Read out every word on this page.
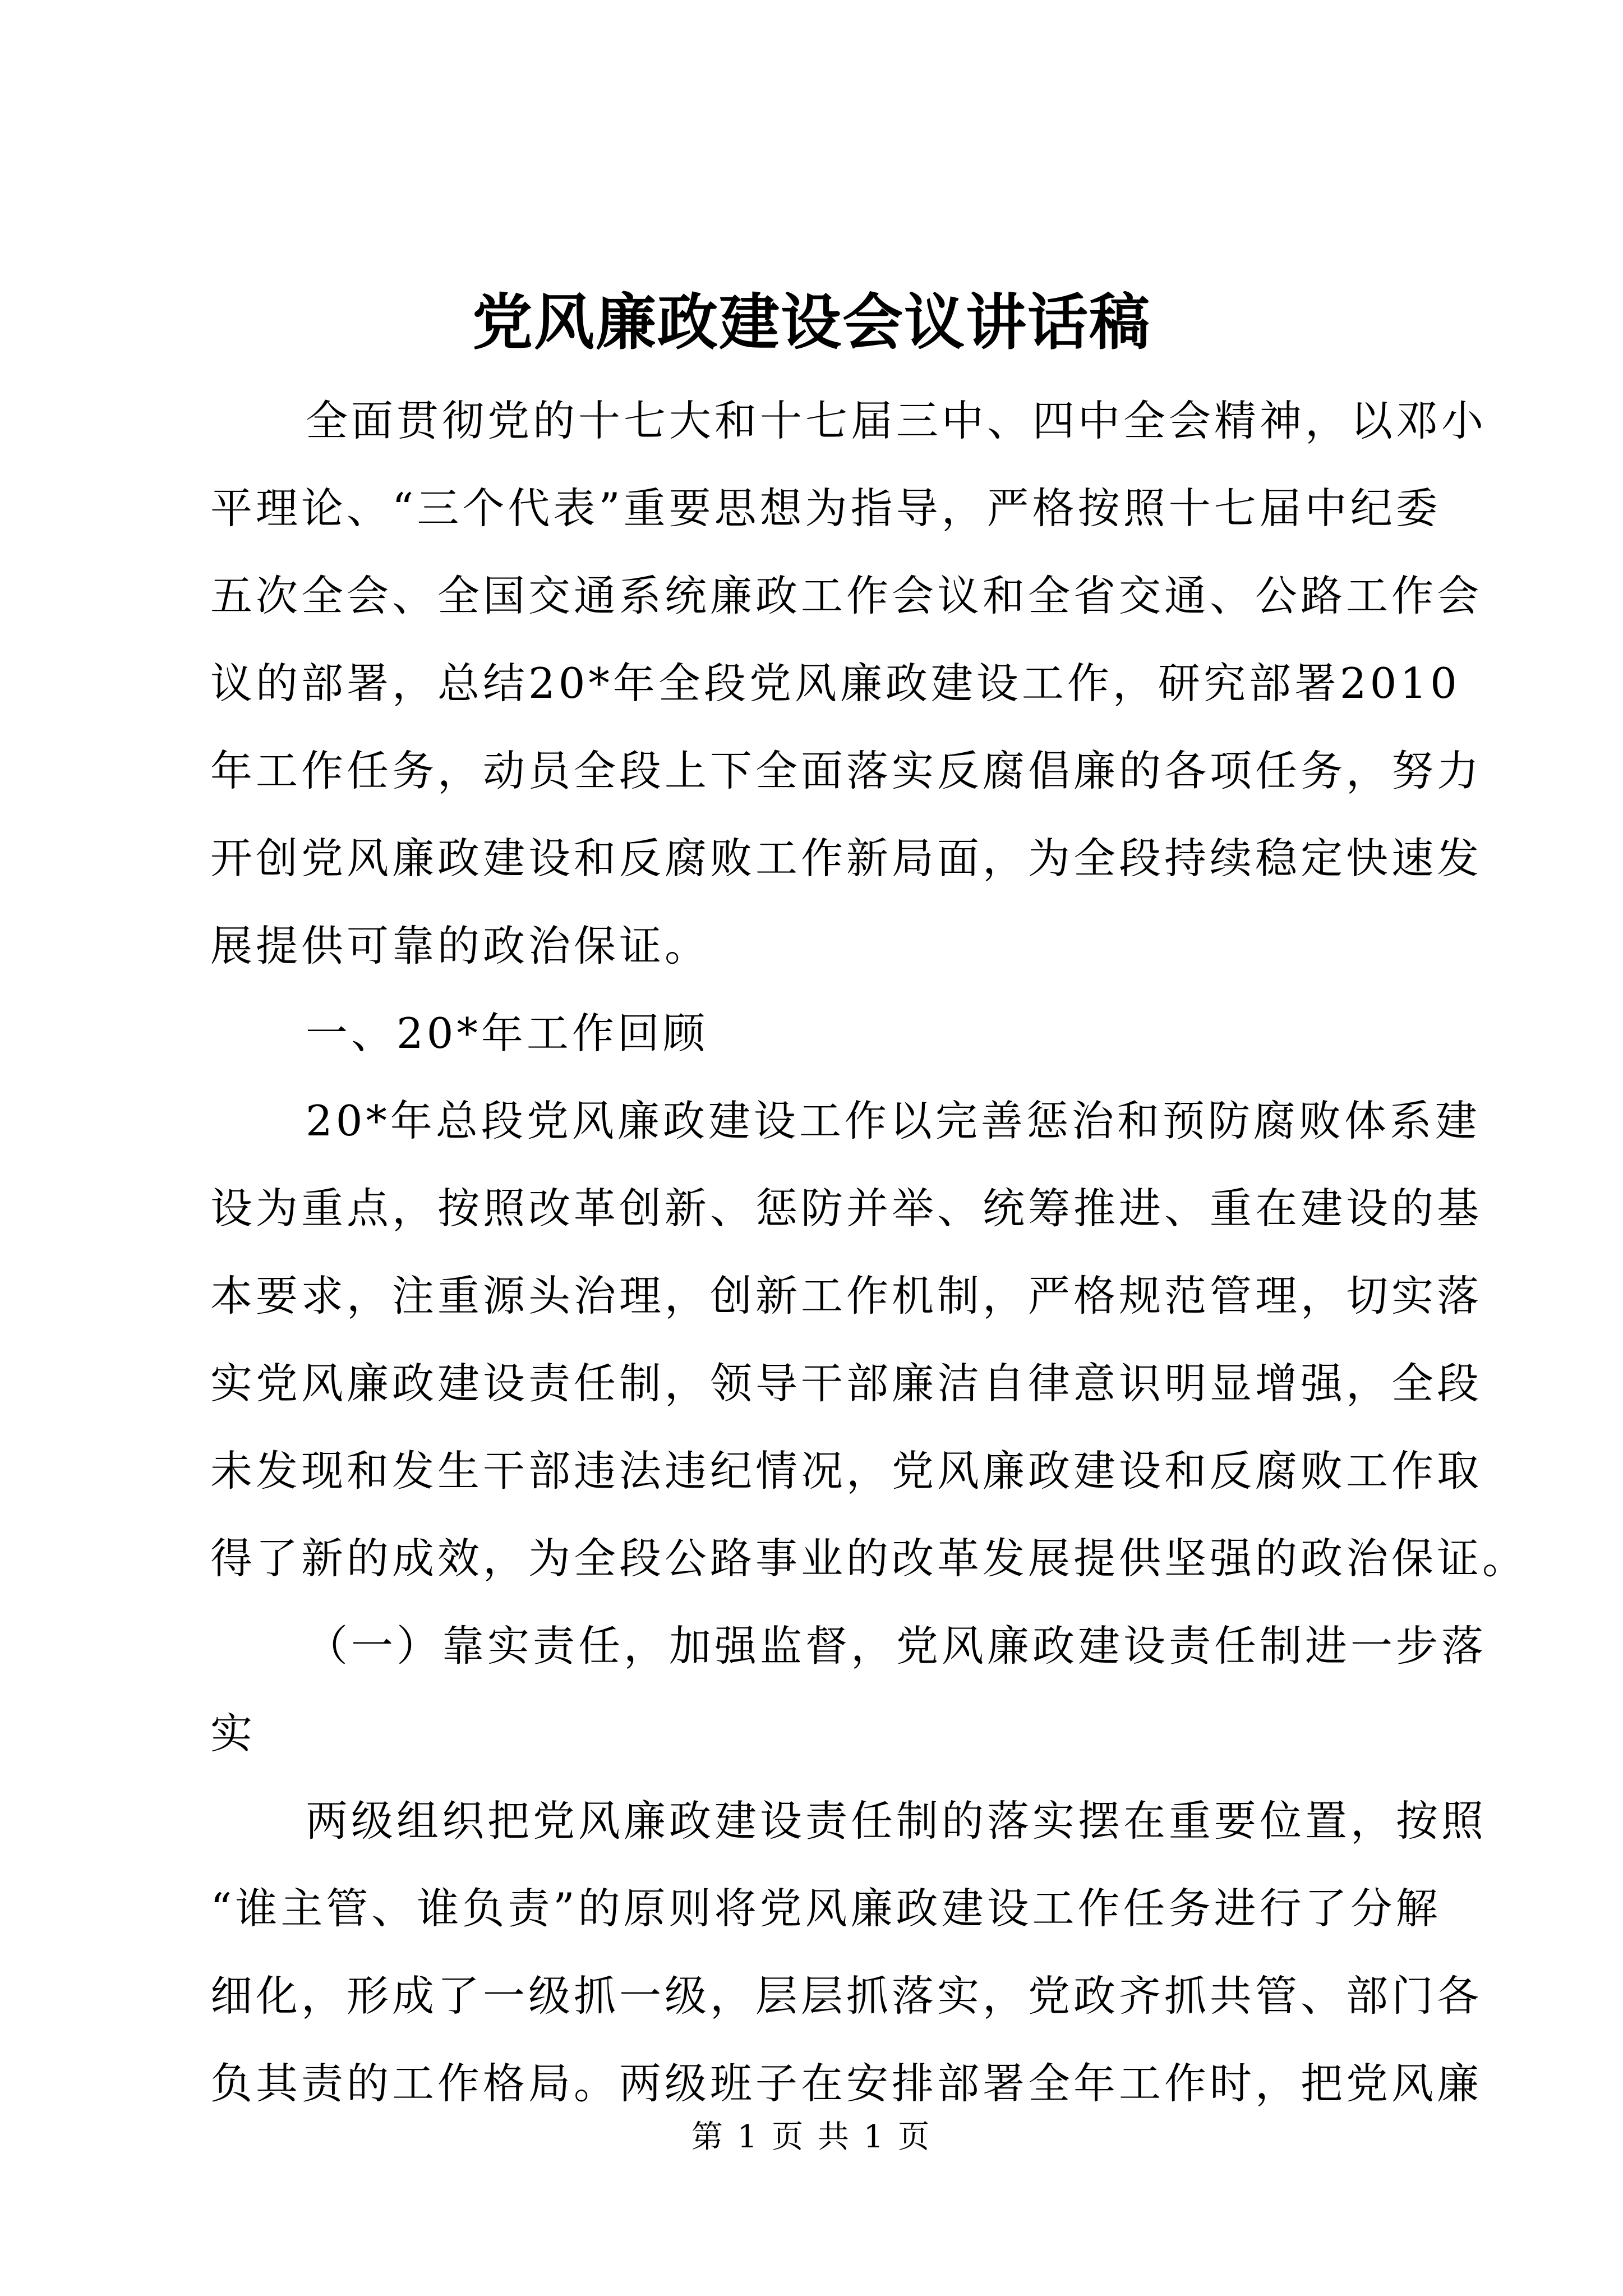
党风廉政建设会议讲话稿
全面贯彻党的十七大和十七届三中、四中全会精神，以邓小
平理论、“三个代表”重要思想为指导，严格按照十七届中纪委
五次全会、全国交通系统廉政工作会议和全省交通、公路工作会
议的部署，总结20*年全段党风廉政建设工作，研究部署2010
年工作任务，动员全段上下全面落实反腐倡廉的各项任务，努力
开创党风廉政建设和反腐败工作新局面，为全段持续稳定快速发
展提供可靠的政治保证。
一、20*年工作回顾
20*年总段党风廉政建设工作以完善惩治和预防腐败体系建
设为重点，按照改革创新、惩防并举、统筹推进、重在建设的基
本要求，注重源头治理，创新工作机制，严格规范管理，切实落
实党风廉政建设责任制，领导干部廉洁自律意识明显增强，全段
未发现和发生干部违法违纪情况，党风廉政建设和反腐败工作取
得了新的成效，为全段公路事业的改革发展提供坚强的政治保证。
（一）靠实责任，加强监督，党风廉政建设责任制进一步落
实
两级组织把党风廉政建设责任制的落实摆在重要位置，按照
“谁主管、谁负责”的原则将党风廉政建设工作任务进行了分解
负其责的工作格局。两级班子在安排部署全年工作时，把党风廉
细化，形成了一级抓一级，层层抓落实，党政齐抓共管、部门各
第 1 页 共 1 页
